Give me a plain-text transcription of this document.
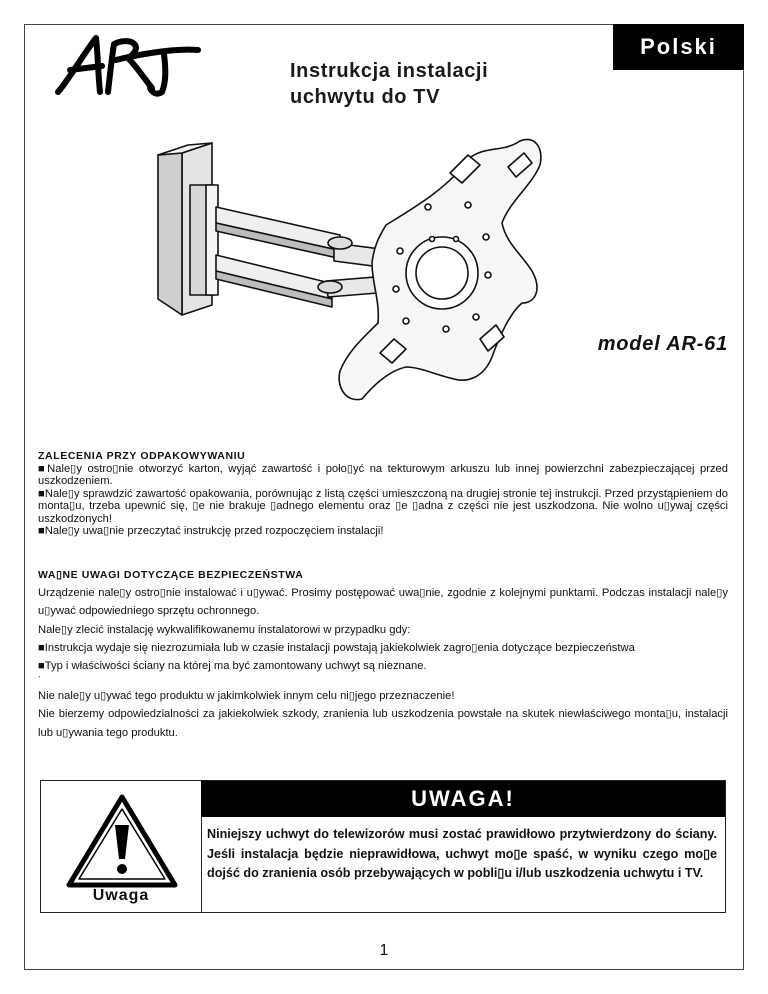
Instrukcja instalacji
uchwytu do TV
Polski
model AR-61
ZALECENIA PRZY ODPAKOWYWANIU
■Nale▯y ostro▯nie otworzyć karton, wyjąć zawartość i poło▯yć na tekturowym arkuszu lub innej powierzchni zabezpieczającej przed uszkodzeniem.
■Nale▯y sprawdzić zawartość opakowania, porównując z listą części umieszczoną na drugiej stronie tej instrukcji. Przed przystąpieniem do monta▯u, trzeba upewnić się, ▯e nie brakuje ▯adnego elementu oraz ▯e ▯adna z części nie jest uszkodzona. Nie wolno u▯ywaj części uszkodzonych!
■Nale▯y uwa▯nie przeczytać instrukcję przed rozpoczęciem instalacji!
WA▯NE UWAGI DOTYCZĄCE BEZPIECZEŃSTWA
Urządzenie nale▯y ostro▯nie instalować i u▯ywać. Prosimy postępować uwa▯nie, zgodnie z kolejnymi punktami. Podczas instalacji nale▯y u▯ywać odpowiedniego sprzętu ochronnego.
Nale▯y zlecić instalację wykwalifikowanemu instalatorowi w przypadku gdy:
■Instrukcja wydaje się niezrozumiała lub w czasie instalacji powstają jakiekolwiek zagro▯enia dotyczące bezpieczeństwa
■Typ i właściwości ściany na której ma być zamontowany uchwyt są nieznane.
`
Nie nale▯y u▯ywać tego produktu w jakimkolwiek innym celu ni▯jego przeznaczenie!
Nie bierzemy odpowiedzialności za jakiekolwiek szkody, zranienia lub uszkodzenia powstałe na skutek niewłaściwego monta▯u, instalacji lub u▯ywania tego produktu.
Uwaga
UWAGA!
Niniejszy uchwyt do telewizorów musi zostać prawidłowo przytwierdzony do ściany. Jeśli instalacja będzie nieprawidłowa, uchwyt mo▯e spaść, w wyniku czego mo▯e dojść do zranienia osób przebywających w pobli▯u i/lub uszkodzenia uchwytu i TV.
1
